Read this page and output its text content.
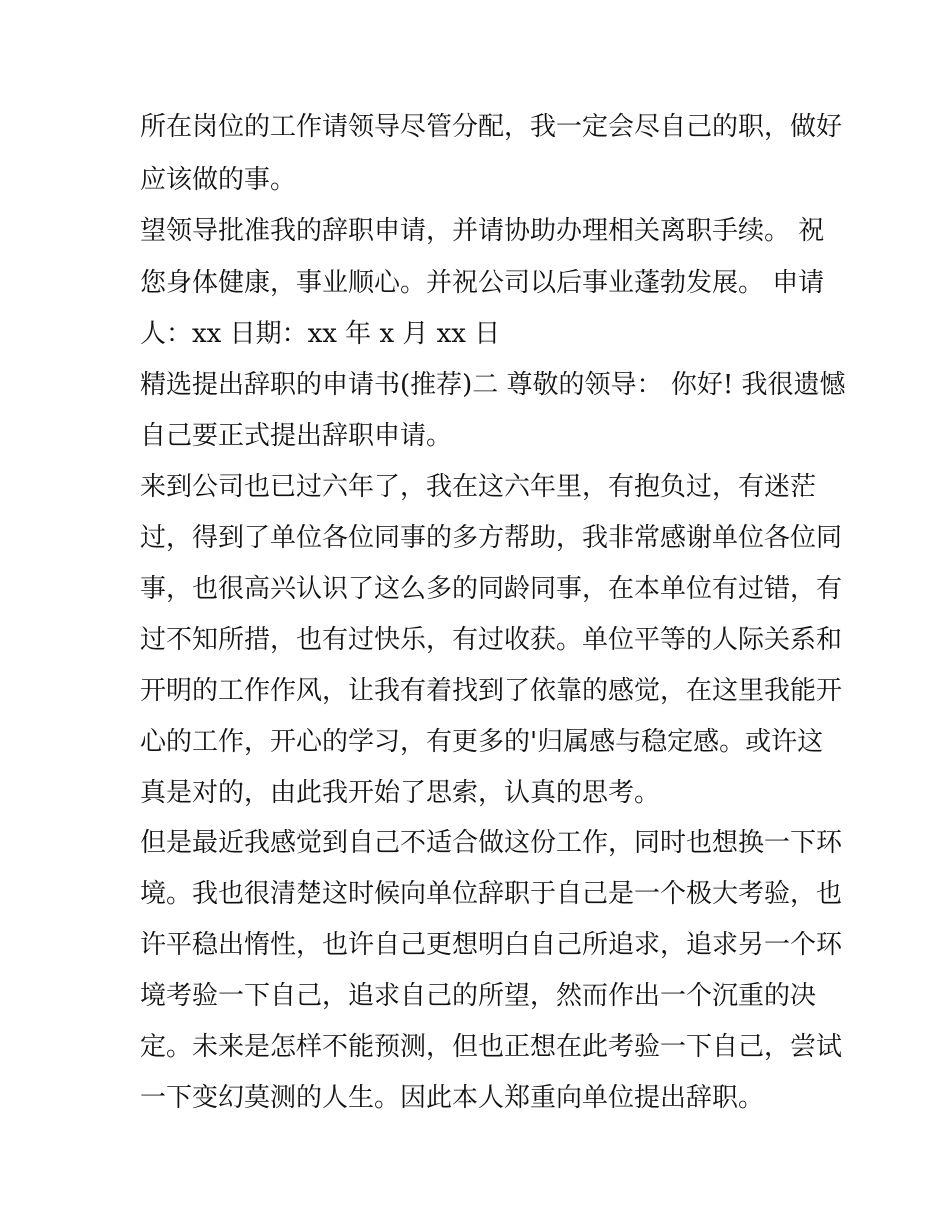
所在岗位的工作请领导尽管分配，我一定会尽自己的职，做好
应该做的事。
望领导批准我的辞职申请，并请协助办理相关离职手续。 祝
您身体健康，事业顺心。并祝公司以后事业蓬勃发展。 申请
人：xx 日期：xx 年 x 月 xx 日
精选提出辞职的申请书(推荐)二 尊敬的领导： 你好! 我很遗憾
自己要正式提出辞职申请。
来到公司也已过六年了，我在这六年里，有抱负过，有迷茫
过，得到了单位各位同事的多方帮助，我非常感谢单位各位同
事，也很高兴认识了这么多的同龄同事，在本单位有过错，有
过不知所措，也有过快乐，有过收获。单位平等的人际关系和
开明的工作作风，让我有着找到了依靠的感觉，在这里我能开
心的工作，开心的学习，有更多的'归属感与稳定感。或许这
真是对的，由此我开始了思索，认真的思考。
但是最近我感觉到自己不适合做这份工作，同时也想换一下环
境。我也很清楚这时候向单位辞职于自己是一个极大考验，也
许平稳出惰性，也许自己更想明白自己所追求，追求另一个环
境考验一下自己，追求自己的所望，然而作出一个沉重的决
定。未来是怎样不能预测，但也正想在此考验一下自己，尝试
一下变幻莫测的人生。因此本人郑重向单位提出辞职。
